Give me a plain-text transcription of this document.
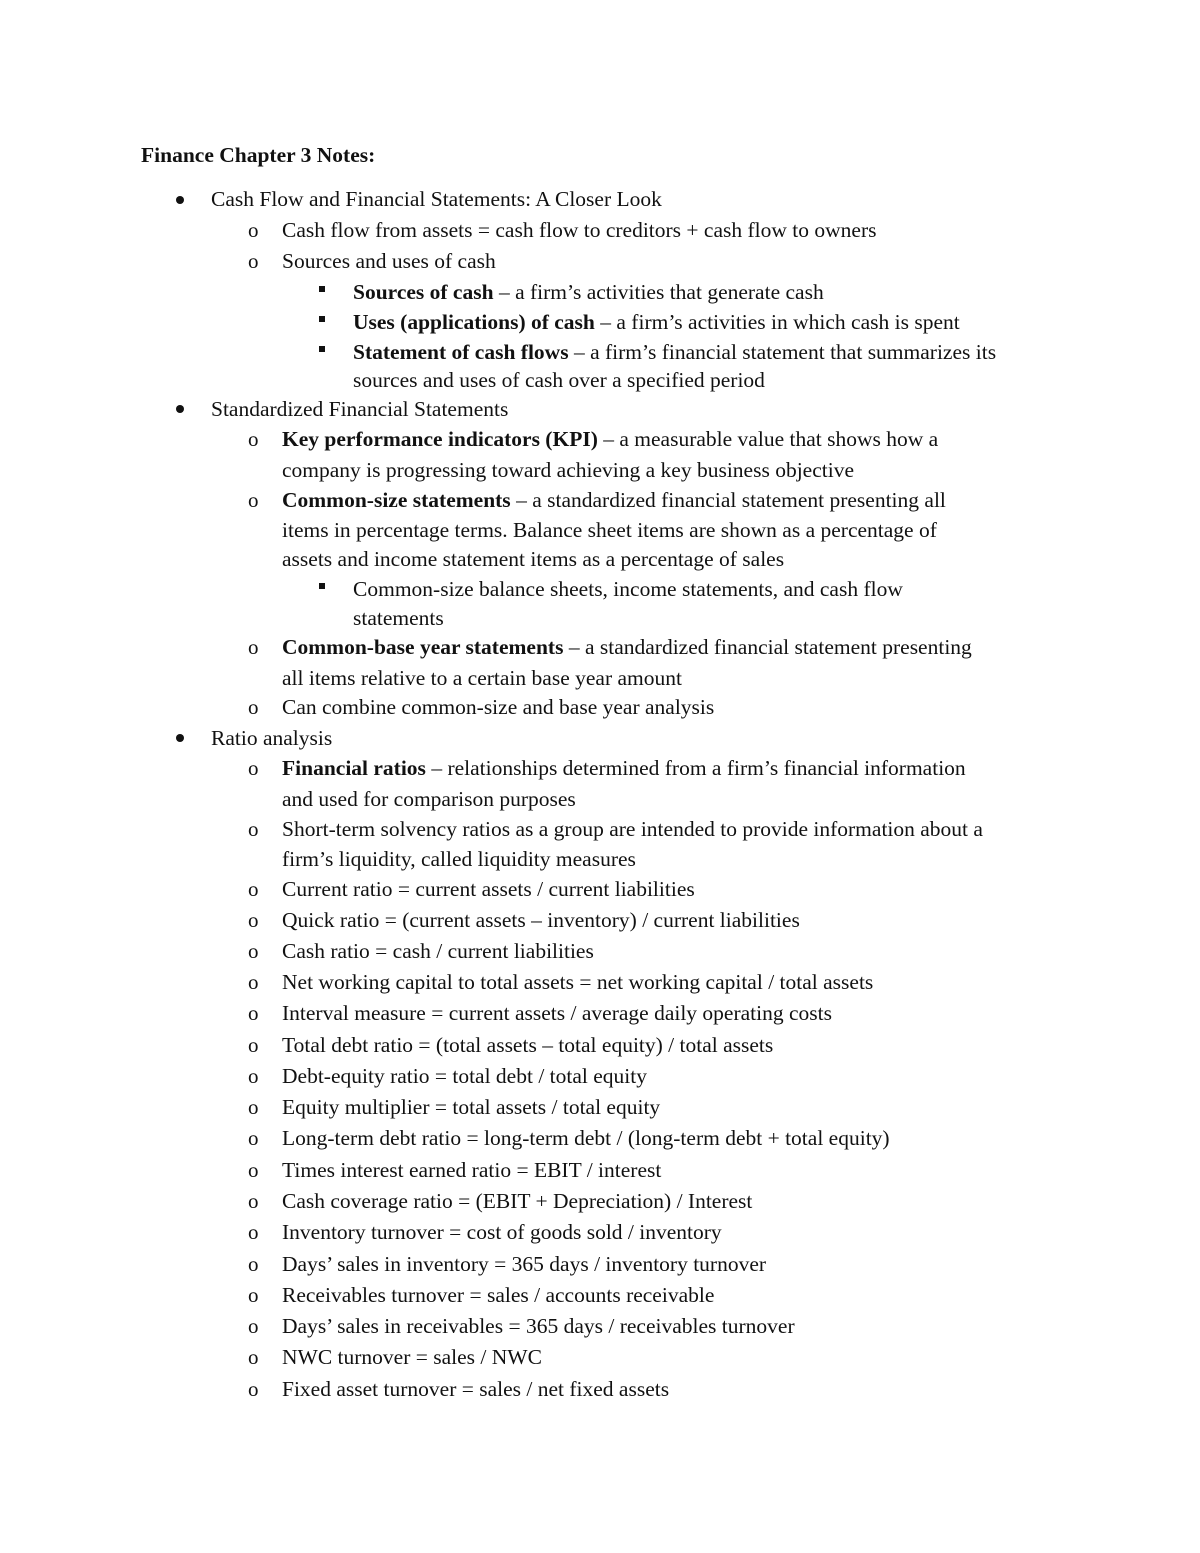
Finance Chapter 3 Notes:
Cash Flow and Financial Statements: A Closer Look
o Cash flow from assets = cash flow to creditors + cash flow to owners
o Sources and uses of cash
Sources of cash – a firm’s activities that generate cash
Uses (applications) of cash – a firm’s activities in which cash is spent
Statement of cash flows – a firm’s financial statement that summarizes its
sources and uses of cash over a specified period
Standardized Financial Statements
o Key performance indicators (KPI) – a measurable value that shows how a
company is progressing toward achieving a key business objective
o Common-size statements – a standardized financial statement presenting all
items in percentage terms. Balance sheet items are shown as a percentage of
assets and income statement items as a percentage of sales
Common-size balance sheets, income statements, and cash flow
statements
o Common-base year statements – a standardized financial statement presenting
all items relative to a certain base year amount
o Can combine common-size and base year analysis
Ratio analysis
o Financial ratios – relationships determined from a firm’s financial information
and used for comparison purposes
o Short-term solvency ratios as a group are intended to provide information about a
firm’s liquidity, called liquidity measures
o Current ratio = current assets / current liabilities
o Quick ratio = (current assets – inventory) / current liabilities
o Cash ratio = cash / current liabilities
o Net working capital to total assets = net working capital / total assets
o Interval measure = current assets / average daily operating costs
o Total debt ratio = (total assets – total equity) / total assets
o Debt-equity ratio = total debt / total equity
o Equity multiplier = total assets / total equity
o Long-term debt ratio = long-term debt / (long-term debt + total equity)
o Times interest earned ratio = EBIT / interest
o Cash coverage ratio = (EBIT + Depreciation) / Interest
o Inventory turnover = cost of goods sold / inventory
o Days’ sales in inventory = 365 days / inventory turnover
o Receivables turnover = sales / accounts receivable
o Days’ sales in receivables = 365 days / receivables turnover
o NWC turnover = sales / NWC
o Fixed asset turnover = sales / net fixed assets
